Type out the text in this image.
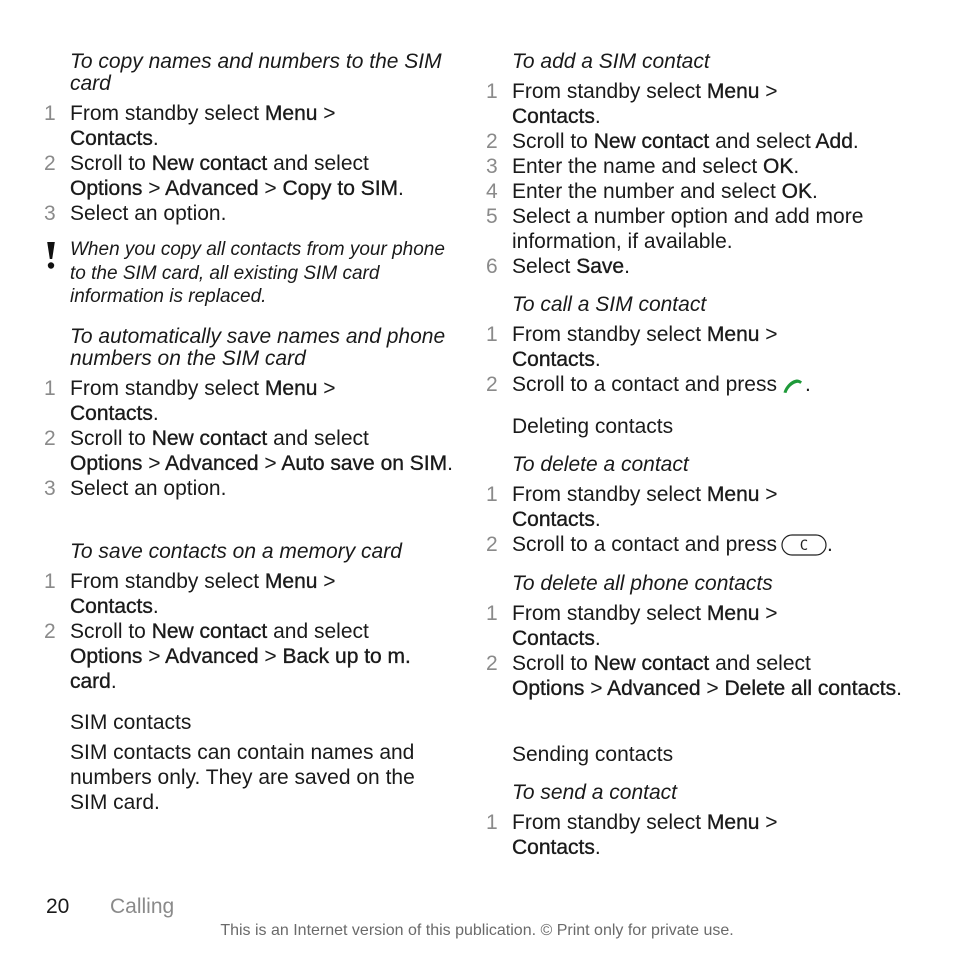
To copy names and numbers to the SIM card
1 From standby select Menu >
Contacts.
2 Scroll to New contact and select
Options > Advanced > Copy to SIM.
3 Select an option.
When you copy all contacts from your phone to the SIM card, all existing SIM card information is replaced.
To automatically save names and phone numbers on the SIM card
1 From standby select Menu >
Contacts.
2 Scroll to New contact and select
Options > Advanced > Auto save on SIM.
3 Select an option.
To save contacts on a memory card
1 From standby select Menu >
Contacts.
2 Scroll to New contact and select
Options > Advanced > Back up to m. card.
SIM contacts
SIM contacts can contain names and numbers only. They are saved on the SIM card.
To add a SIM contact
1 From standby select Menu >
Contacts.
2 Scroll to New contact and select Add.
3 Enter the name and select OK.
4 Enter the number and select OK.
5 Select a number option and add more information, if available.
6 Select Save.
To call a SIM contact
1 From standby select Menu >
Contacts.
2 Scroll to a contact and press .
Deleting contacts
To delete a contact
1 From standby select Menu >
Contacts.
2 Scroll to a contact and press C .
To delete all phone contacts
1 From standby select Menu >
Contacts.
2 Scroll to New contact and select
Options > Advanced > Delete all contacts.
Sending contacts
To send a contact
1 From standby select Menu >
Contacts.
20 Calling
This is an Internet version of this publication. © Print only for private use.
